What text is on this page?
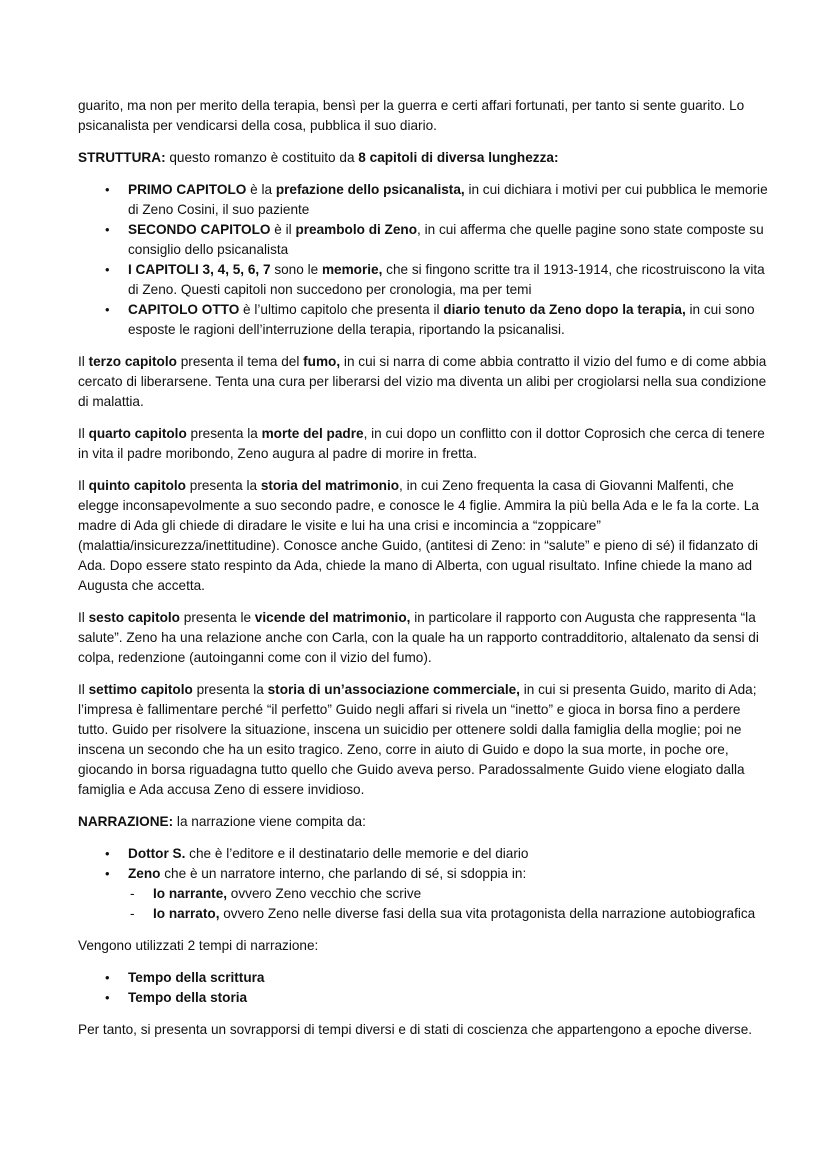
guarito, ma non per merito della terapia, bensì per la guerra e certi affari fortunati, per tanto si sente guarito. Lo psicanalista per vendicarsi della cosa, pubblica il suo diario.

STRUTTURA: questo romanzo è costituito da 8 capitoli di diversa lunghezza:

• PRIMO CAPITOLO è la prefazione dello psicanalista, in cui dichiara i motivi per cui pubblica le memorie di Zeno Cosini, il suo paziente
• SECONDO CAPITOLO è il preambolo di Zeno, in cui afferma che quelle pagine sono state composte su consiglio dello psicanalista
• I CAPITOLI 3, 4, 5, 6, 7 sono le memorie, che si fingono scritte tra il 1913-1914, che ricostruiscono la vita di Zeno. Questi capitoli non succedono per cronologia, ma per temi
• CAPITOLO OTTO è l’ultimo capitolo che presenta il diario tenuto da Zeno dopo la terapia, in cui sono esposte le ragioni dell’interruzione della terapia, riportando la psicanalisi.

Il terzo capitolo presenta il tema del fumo, in cui si narra di come abbia contratto il vizio del fumo e di come abbia cercato di liberarsene. Tenta una cura per liberarsi del vizio ma diventa un alibi per crogiolarsi nella sua condizione di malattia.

Il quarto capitolo presenta la morte del padre, in cui dopo un conflitto con il dottor Coprosich che cerca di tenere in vita il padre moribondo, Zeno augura al padre di morire in fretta.

Il quinto capitolo presenta la storia del matrimonio, in cui Zeno frequenta la casa di Giovanni Malfenti, che elegge inconsapevolmente a suo secondo padre, e conosce le 4 figlie. Ammira la più bella Ada e le fa la corte. La madre di Ada gli chiede di diradare le visite e lui ha una crisi e incomincia a “zoppicare” (malattia/insicurezza/inettitudine). Conosce anche Guido, (antitesi di Zeno: in “salute” e pieno di sé) il fidanzato di Ada. Dopo essere stato respinto da Ada, chiede la mano di Alberta, con ugual risultato. Infine chiede la mano ad Augusta che accetta.

Il sesto capitolo presenta le vicende del matrimonio, in particolare il rapporto con Augusta che rappresenta “la salute”. Zeno ha una relazione anche con Carla, con la quale ha un rapporto contradditorio, altalenato da sensi di colpa, redenzione (autoinganni come con il vizio del fumo).

Il settimo capitolo presenta la storia di un’associazione commerciale, in cui si presenta Guido, marito di Ada; l’impresa è fallimentare perché “il perfetto” Guido negli affari si rivela un “inetto” e gioca in borsa fino a perdere tutto. Guido per risolvere la situazione, inscena un suicidio per ottenere soldi dalla famiglia della moglie; poi ne inscena un secondo che ha un esito tragico. Zeno, corre in aiuto di Guido e dopo la sua morte, in poche ore, giocando in borsa riguadagna tutto quello che Guido aveva perso. Paradossalmente Guido viene elogiato dalla famiglia e Ada accusa Zeno di essere invidioso.

NARRAZIONE: la narrazione viene compita da:

• Dottor S. che è l’editore e il destinatario delle memorie e del diario
• Zeno che è un narratore interno, che parlando di sé, si sdoppia in:
- Io narrante, ovvero Zeno vecchio che scrive
- Io narrato, ovvero Zeno nelle diverse fasi della sua vita protagonista della narrazione autobiografica

Vengono utilizzati 2 tempi di narrazione:

• Tempo della scrittura
• Tempo della storia

Per tanto, si presenta un sovrapporsi di tempi diversi e di stati di coscienza che appartengono a epoche diverse.
